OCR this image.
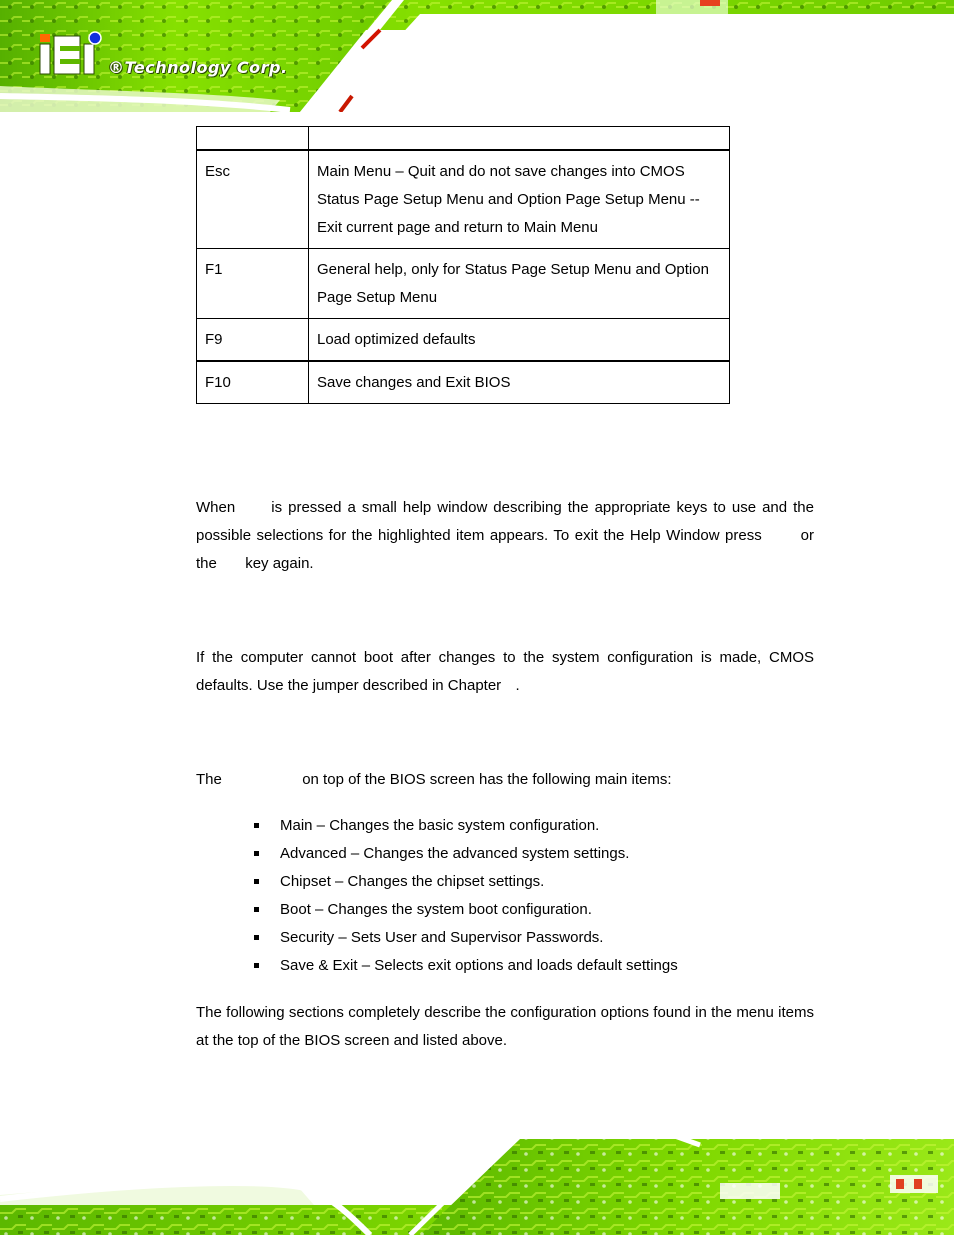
®Technology Corp.

Esc	Main Menu – Quit and do not save changes into CMOS
Status Page Setup Menu and Option Page Setup Menu --
Exit current page and return to Main Menu

F1	General help, only for Status Page Setup Menu and Option
Page Setup Menu

F9	Load optimized defaults

F10	Save changes and Exit BIOS
When is pressed a small help window describing the appropriate keys to use and the possible selections for the highlighted item appears. To exit the Help Window press	or the key again.
If the computer cannot boot after changes to the system configuration is made, CMOS defaults. Use the jumper described in Chapter .
The	on top of the BIOS screen has the following main items:
Main – Changes the basic system configuration.
Advanced – Changes the advanced system settings.
Chipset – Changes the chipset settings.
Boot – Changes the system boot configuration.
Security – Sets User and Supervisor Passwords.
Save & Exit – Selects exit options and loads default settings
The following sections completely describe the configuration options found in the menu items at the top of the BIOS screen and listed above.
